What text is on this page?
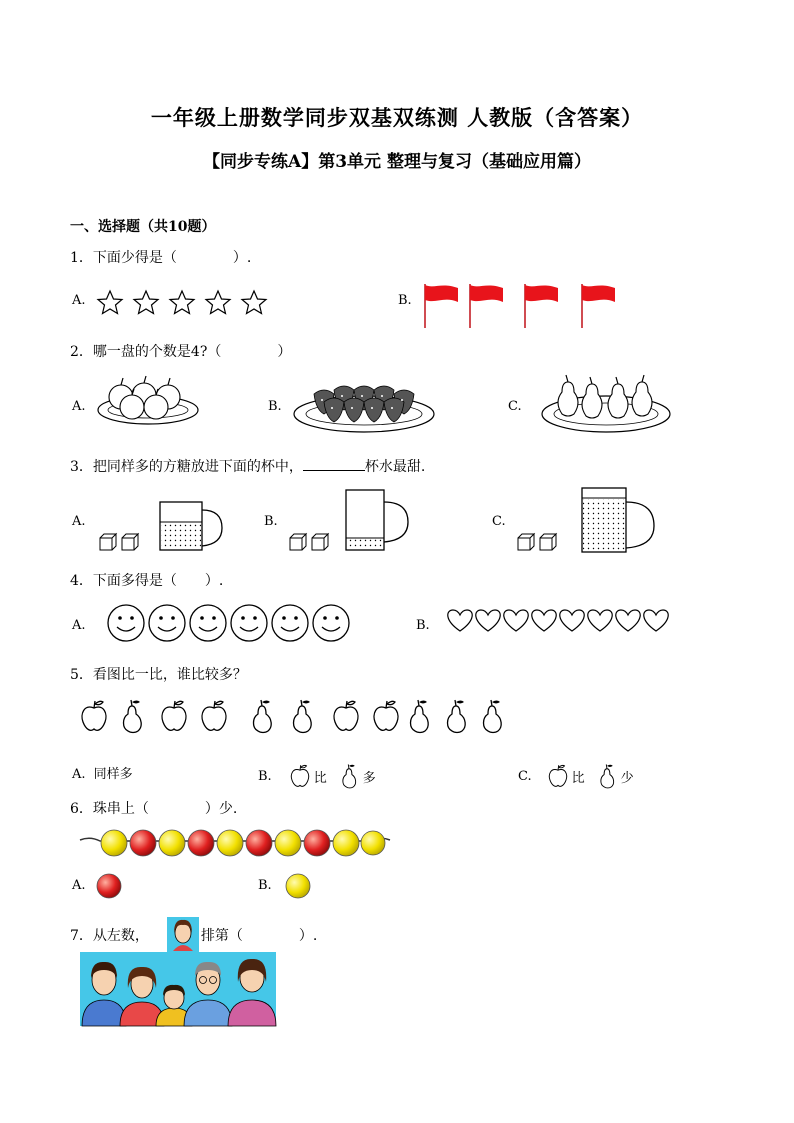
一年级上册数学同步双基双练测 人教版（含答案）
【同步专练A】第3单元 整理与复习（基础应用篇）
一、选择题（共10题）
1．下面少得是（　　　　）.
A.	B.
2．哪一盘的个数是4?（　　　　）
A.	B.	C.
3．把同样多的方糖放进下面的杯中，	杯水最甜.
A.	B.	C.
4．下面多得是（　　）.
A.	B.
5．看图比一比，谁比较多？
A. 同样多	B.	比	多	C.	比	少
6．珠串上（　　　　）少.
A.	B.
7．从左数，	排第（　　　　）.
